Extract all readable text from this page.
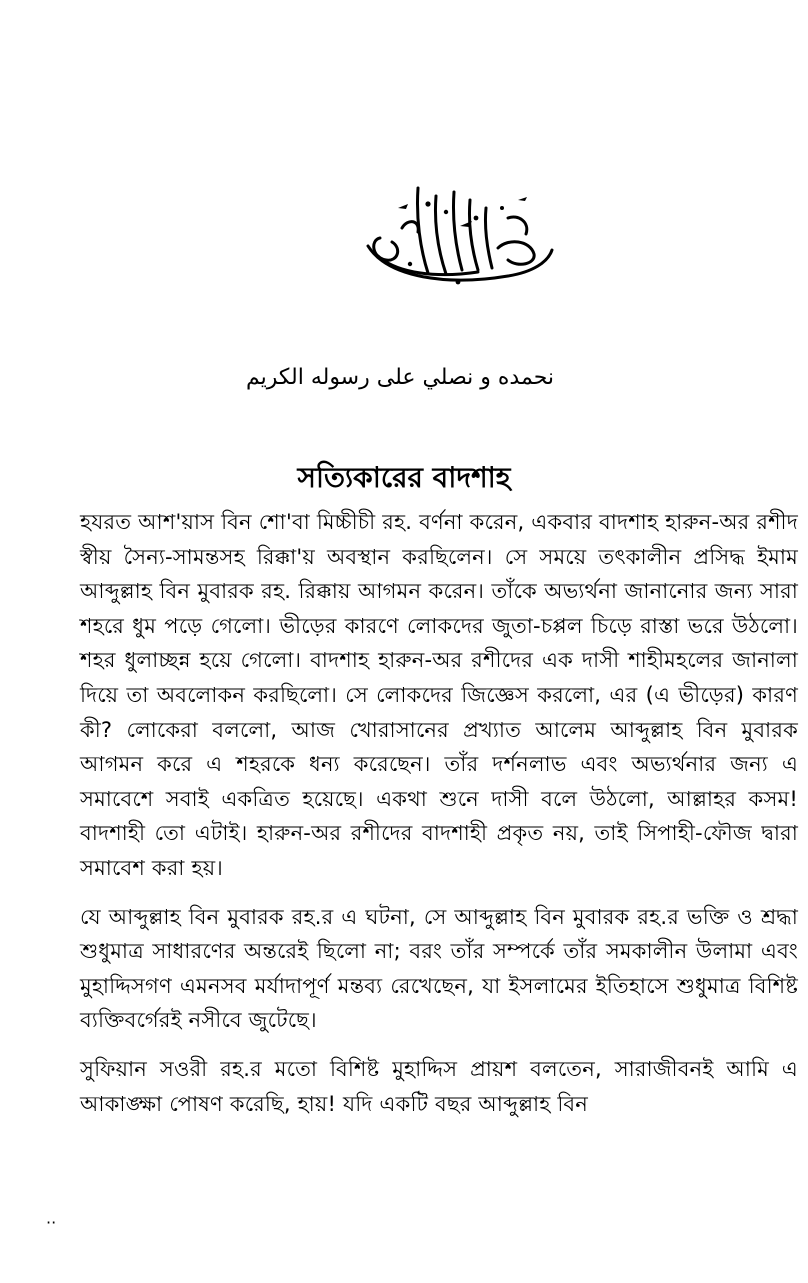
نحمده و نصلي على رسوله الكريم
সত্যিকারের বাদশাহ

হযরত আশ'য়াস বিন শো'বা মিচ্চীচী রহ. বর্ণনা করেন, একবার বাদশাহ হারুন-অর রশীদ স্বীয় সৈন্য-সামন্তসহ রিক্কা'য় অবস্থান করছিলেন। সে সময়ে তৎকালীন প্রসিদ্ধ ইমাম আব্দুল্লাহ বিন মুবারক রহ. রিক্কায় আগমন করেন। তাঁকে অভ্যর্থনা জানানোর জন্য সারা শহরে ধুম পড়ে গেলো। ভীড়ের কারণে লোকদের জুতা-চপ্পল চিড়ে রাস্তা ভরে উঠলো। শহর ধুলাচ্ছন্ন হয়ে গেলো। বাদশাহ হারুন-অর রশীদের এক দাসী শাহীমহলের জানালা দিয়ে তা অবলোকন করছিলো। সে লোকদের জিজ্ঞেস করলো, এর (এ ভীড়ের) কারণ কী? লোকেরা বললো, আজ খোরাসানের প্রখ্যাত আলেম আব্দুল্লাহ বিন মুবারক আগমন করে এ শহরকে ধন্য করেছেন। তাঁর দর্শনলাভ এবং অভ্যর্থনার জন্য এ সমাবেশে সবাই একত্রিত হয়েছে। একথা শুনে দাসী বলে উঠলো, আল্লাহর কসম! বাদশাহী তো এটাই। হারুন-অর রশীদের বাদশাহী প্রকৃত নয়, তাই সিপাহী-ফৌজ দ্বারা সমাবেশ করা হয়।

যে আব্দুল্লাহ বিন মুবারক রহ.র এ ঘটনা, সে আব্দুল্লাহ বিন মুবারক রহ.র ভক্তি ও শ্রদ্ধা শুধুমাত্র সাধারণের অন্তরেই ছিলো না; বরং তাঁর সম্পর্কে তাঁর সমকালীন উলামা এবং মুহাদ্দিসগণ এমনসব মর্যাদাপূর্ণ মন্তব্য রেখেছেন, যা ইসলামের ইতিহাসে শুধুমাত্র বিশিষ্ট ব্যক্তিবর্গেরই নসীবে জুটেছে।

সুফিয়ান সওরী রহ.র মতো বিশিষ্ট মুহাদ্দিস প্রায়শ বলতেন, সারাজীবনই আমি এ আকাঙ্ক্ষা পোষণ করেছি, হায়! যদি একটি বছর আব্দুল্লাহ বিন

··
